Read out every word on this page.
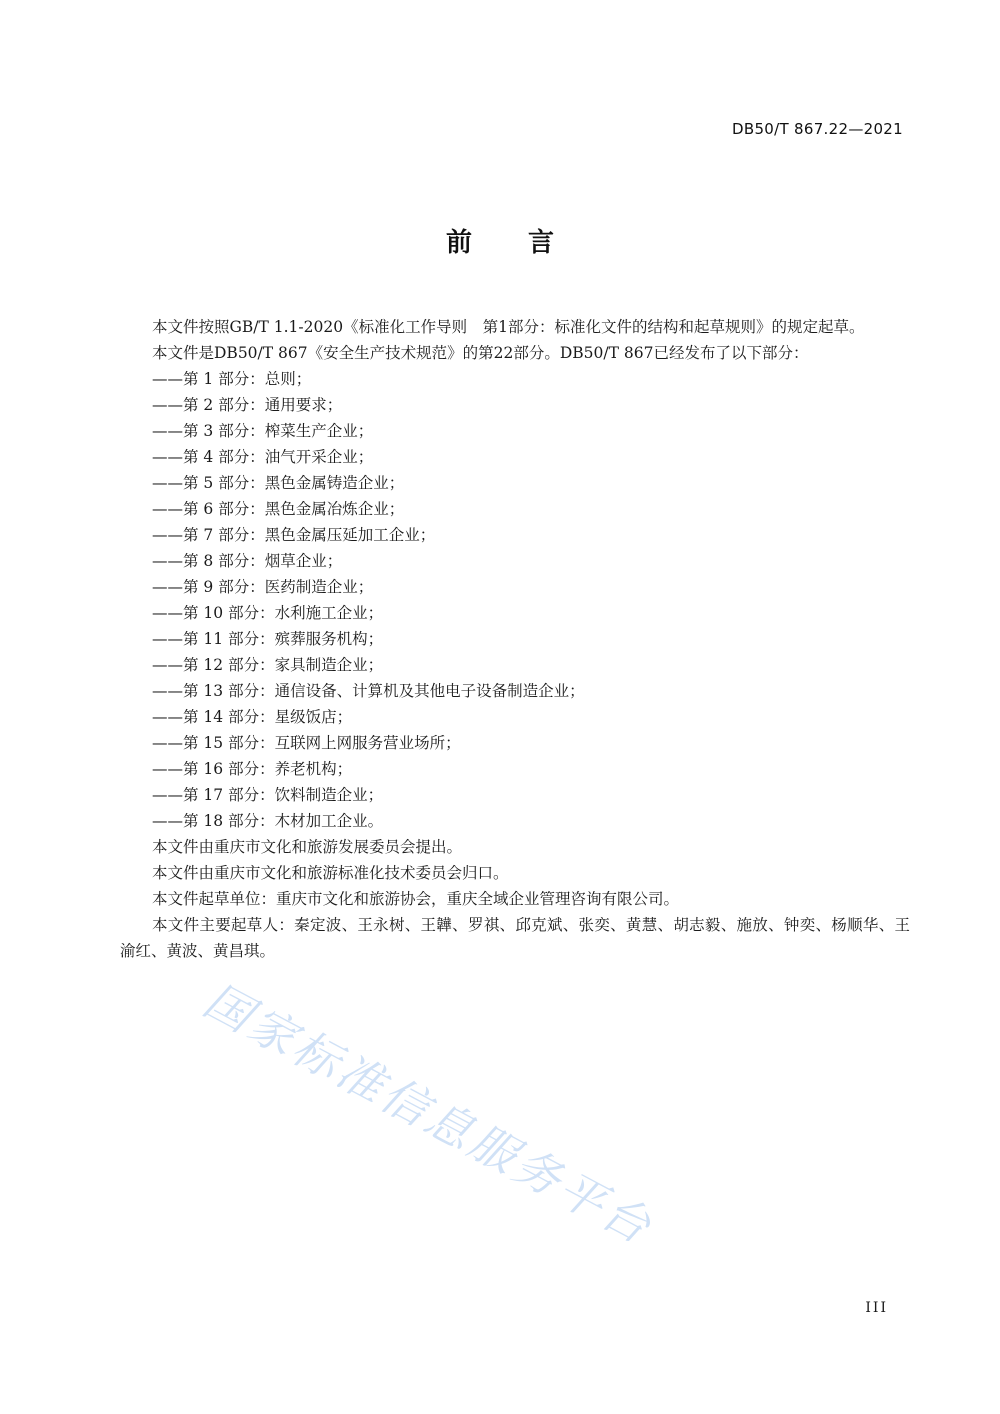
DB50/T 867.22—2021
前言

本文件按照GB/T 1.1-2020《标准化工作导则　第1部分：标准化文件的结构和起草规则》的规定起草。

本文件是DB50/T 867《安全生产技术规范》的第22部分。DB50/T 867已经发布了以下部分：

——第 1 部分：总则；

——第 2 部分：通用要求；

——第 3 部分：榨菜生产企业；

——第 4 部分：油气开采企业；

——第 5 部分：黑色金属铸造企业；

——第 6 部分：黑色金属冶炼企业；

——第 7 部分：黑色金属压延加工企业；

——第 8 部分：烟草企业；

——第 9 部分：医药制造企业；

——第 10 部分：水利施工企业；

——第 11 部分：殡葬服务机构；

——第 12 部分：家具制造企业；

——第 13 部分：通信设备、计算机及其他电子设备制造企业；

——第 14 部分：星级饭店；

——第 15 部分：互联网上网服务营业场所；

——第 16 部分：养老机构；

——第 17 部分：饮料制造企业；

——第 18 部分：木材加工企业。

本文件由重庆市文化和旅游发展委员会提出。

本文件由重庆市文化和旅游标准化技术委员会归口。

本文件起草单位：重庆市文化和旅游协会，重庆全域企业管理咨询有限公司。

本文件主要起草人：秦定波、王永树、王韡、罗祺、邱克斌、张奕、黄慧、胡志毅、施放、钟奕、杨顺华、王渝红、黄波、黄昌琪。

国家标准信息服务平台
III
